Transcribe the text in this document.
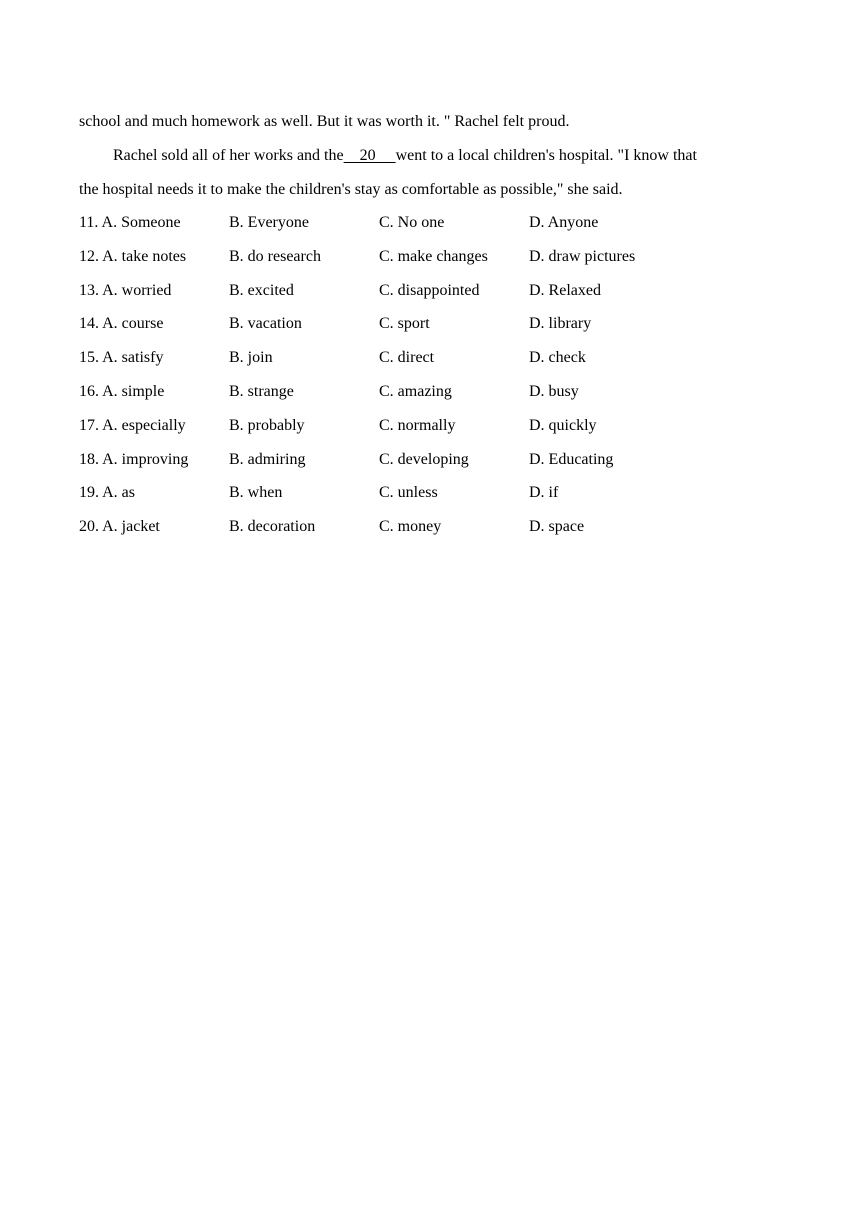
school and much homework as well. But it was worth it. " Rachel felt proud.
Rachel sold all of her works and the    20     went to a local children's hospital. "I know that
the hospital needs it to make the children's stay as comfortable as possible," she said.
11. A. Someone	B. Everyone	C. No one	D. Anyone
12. A. take notes	B. do research	C. make changes	D. draw pictures
13. A. worried	B. excited	C. disappointed	D. Relaxed
14. A. course	B. vacation	C. sport	D. library
15. A. satisfy	B. join	C. direct	D. check
16. A. simple	B. strange	C. amazing	D. busy
17. A. especially	B. probably	C. normally	D. quickly
18. A. improving	B. admiring	C. developing	D. Educating
19. A. as	B. when	C. unless	D. if
20. A. jacket	B. decoration	C. money	D. space
